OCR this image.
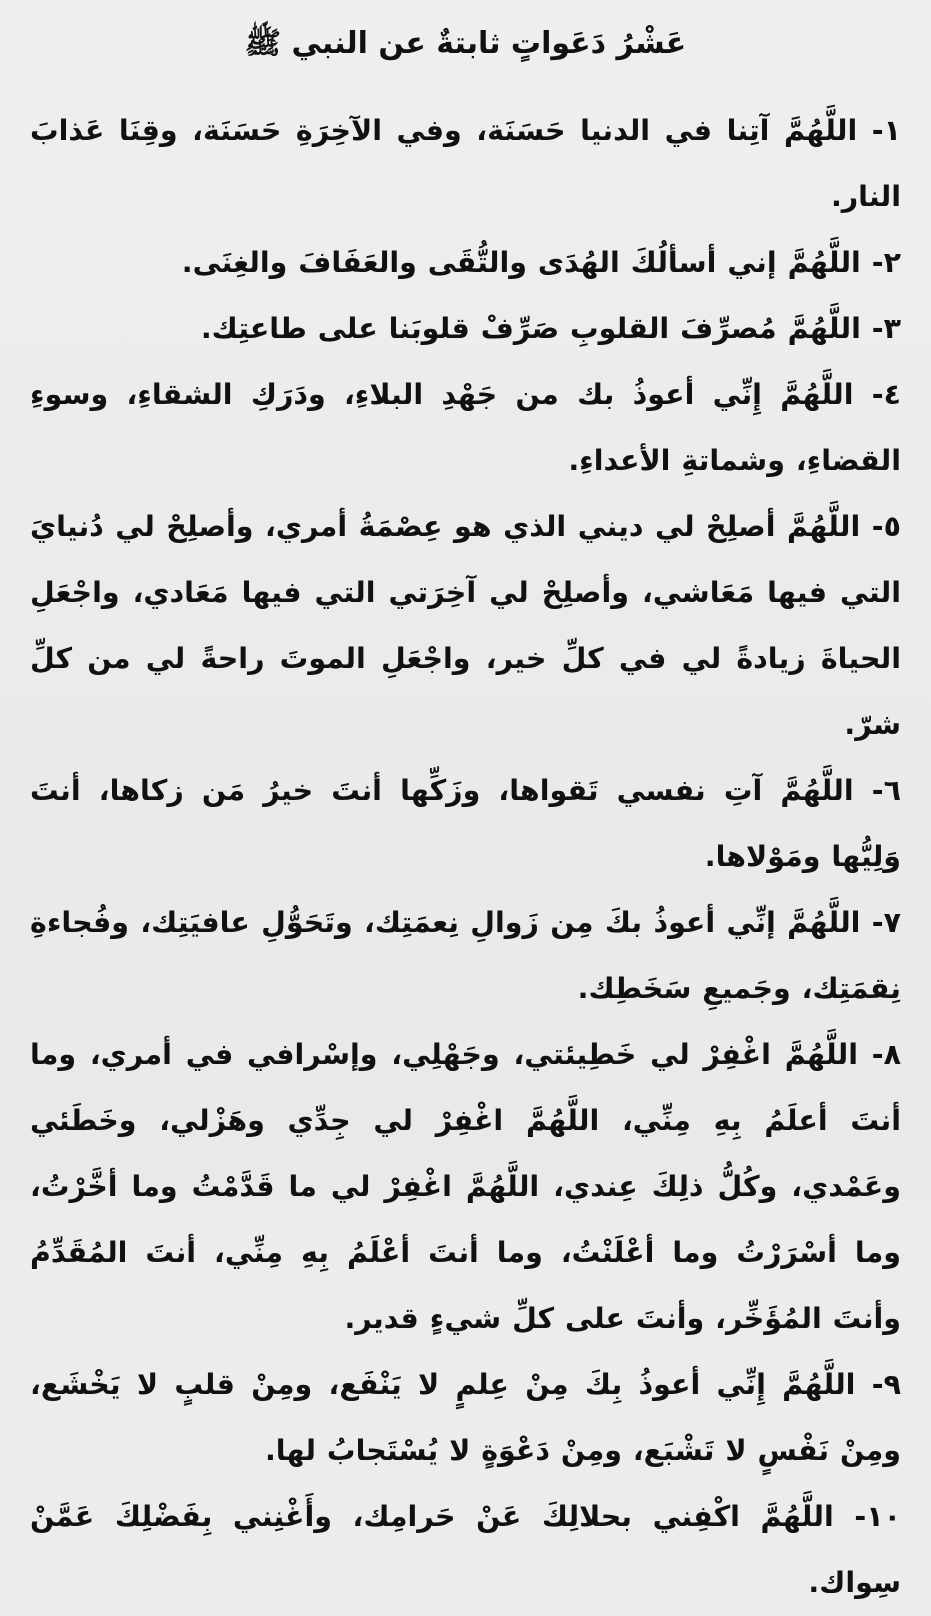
عَشْرُ دَعَواتٍ ثابتةٌ عن النبي ﷺ

١- اللَّهُمَّ آتِنا في الدنيا حَسَنَة، وفي الآخِرَةِ حَسَنَة، وقِنَا عَذابَ النار.

٢- اللَّهُمَّ إني أسألُكَ الهُدَى والتُّقَى والعَفَافَ والغِنَى.

٣- اللَّهُمَّ مُصرِّفَ القلوبِ صَرِّفْ قلوبَنا على طاعتِك.

٤- اللَّهُمَّ إِنِّي أعوذُ بك من جَهْدِ البلاءِ، ودَرَكِ الشقاءِ، وسوءِ القضاءِ، وشماتةِ الأعداءِ.

٥- اللَّهُمَّ أصلِحْ لي ديني الذي هو عِصْمَةُ أمري، وأصلِحْ لي دُنيايَ التي فيها مَعَاشي، وأصلِحْ لي آخِرَتي التي فيها مَعَادي، واجْعَلِ الحياةَ زيادةً لي في كلِّ خير، واجْعَلِ الموتَ راحةً لي من كلِّ شرّ.

٦- اللَّهُمَّ آتِ نفسي تَقواها، وزَكِّها أنتَ خيرُ مَن زكاها، أنتَ وَلِيُّها ومَوْلاها.

٧- اللَّهُمَّ إنِّي أعوذُ بكَ مِن زَوالِ نِعمَتِك، وتَحَوُّلِ عافيَتِك، وفُجاءةِ نِقمَتِك، وجَميعِ سَخَطِك.

٨- اللَّهُمَّ اغْفِرْ لي خَطِيئتي، وجَهْلِي، وإسْرافي في أمري، وما أنتَ أعلَمُ بِهِ مِنِّي، اللَّهُمَّ اغْفِرْ لي جِدِّي وهَزْلي، وخَطَئي وعَمْدي، وكُلُّ ذلِكَ عِندي، اللَّهُمَّ اغْفِرْ لي ما قَدَّمْتُ وما أخَّرْتُ، وما أسْرَرْتُ وما أعْلَنْتُ، وما أنتَ أعْلَمُ بِهِ مِنِّي، أنتَ المُقَدِّمُ وأنتَ المُؤَخِّر، وأنتَ على كلِّ شيءٍ قدير.

٩- اللَّهُمَّ إِنِّي أعوذُ بِكَ مِنْ عِلمٍ لا يَنْفَع، ومِنْ قلبٍ لا يَخْشَع، ومِنْ نَفْسٍ لا تَشْبَع، ومِنْ دَعْوَةٍ لا يُسْتَجابُ لها.

١٠- اللَّهُمَّ اكْفِني بحلالِكَ عَنْ حَرامِك، وأَغْنِني بِفَضْلِكَ عَمَّنْ سِواك.
